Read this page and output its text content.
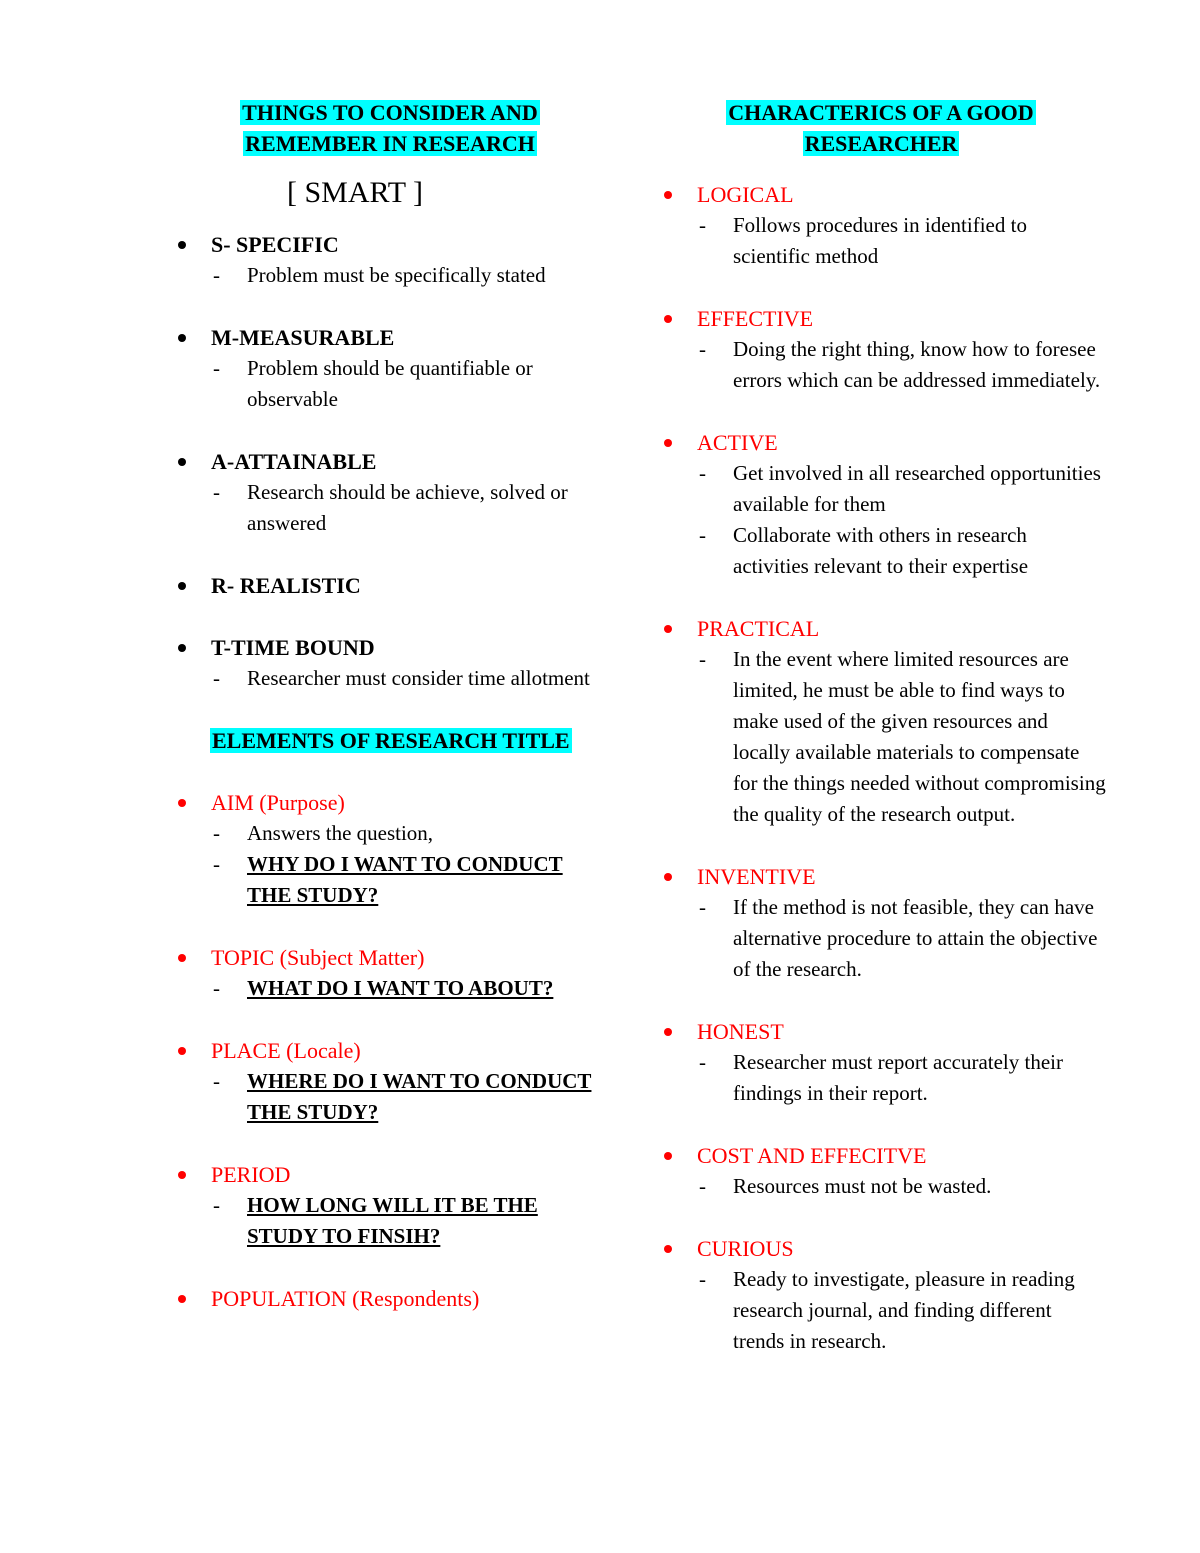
THINGS TO CONSIDER AND
REMEMBER IN RESEARCH
[ SMART ]
S- SPECIFIC
-	Problem must be specifically stated
M-MEASURABLE
-	Problem should be quantifiable or observable
A-ATTAINABLE
-	Research should be achieve, solved or answered
R- REALISTIC
T-TIME BOUND
-	Researcher must consider time allotment
ELEMENTS OF RESEARCH TITLE
AIM (Purpose)
-	Answers the question,
-	WHY DO I WANT TO CONDUCT THE STUDY?
TOPIC (Subject Matter)
-	WHAT DO I WANT TO ABOUT?
PLACE (Locale)
-	WHERE DO I WANT TO CONDUCT THE STUDY?
PERIOD
-	HOW LONG WILL IT BE THE STUDY TO FINSIH?
POPULATION (Respondents)
CHARACTERICS OF A GOOD
RESEARCHER
LOGICAL
-	Follows procedures in identified to scientific method
EFFECTIVE
-	Doing the right thing, know how to foresee errors which can be addressed immediately.
ACTIVE
-	Get involved in all researched opportunities available for them
-	Collaborate with others in research activities relevant to their expertise
PRACTICAL
-	In the event where limited resources are limited, he must be able to find ways to make used of the given resources and locally available materials to compensate for the things needed without compromising the quality of the research output.
INVENTIVE
-	If the method is not feasible, they can have alternative procedure to attain the objective of the research.
HONEST
-	Researcher must report accurately their findings in their report.
COST AND EFFECITVE
-	Resources must not be wasted.
CURIOUS
-	Ready to investigate, pleasure in reading research journal, and finding different trends in research.
